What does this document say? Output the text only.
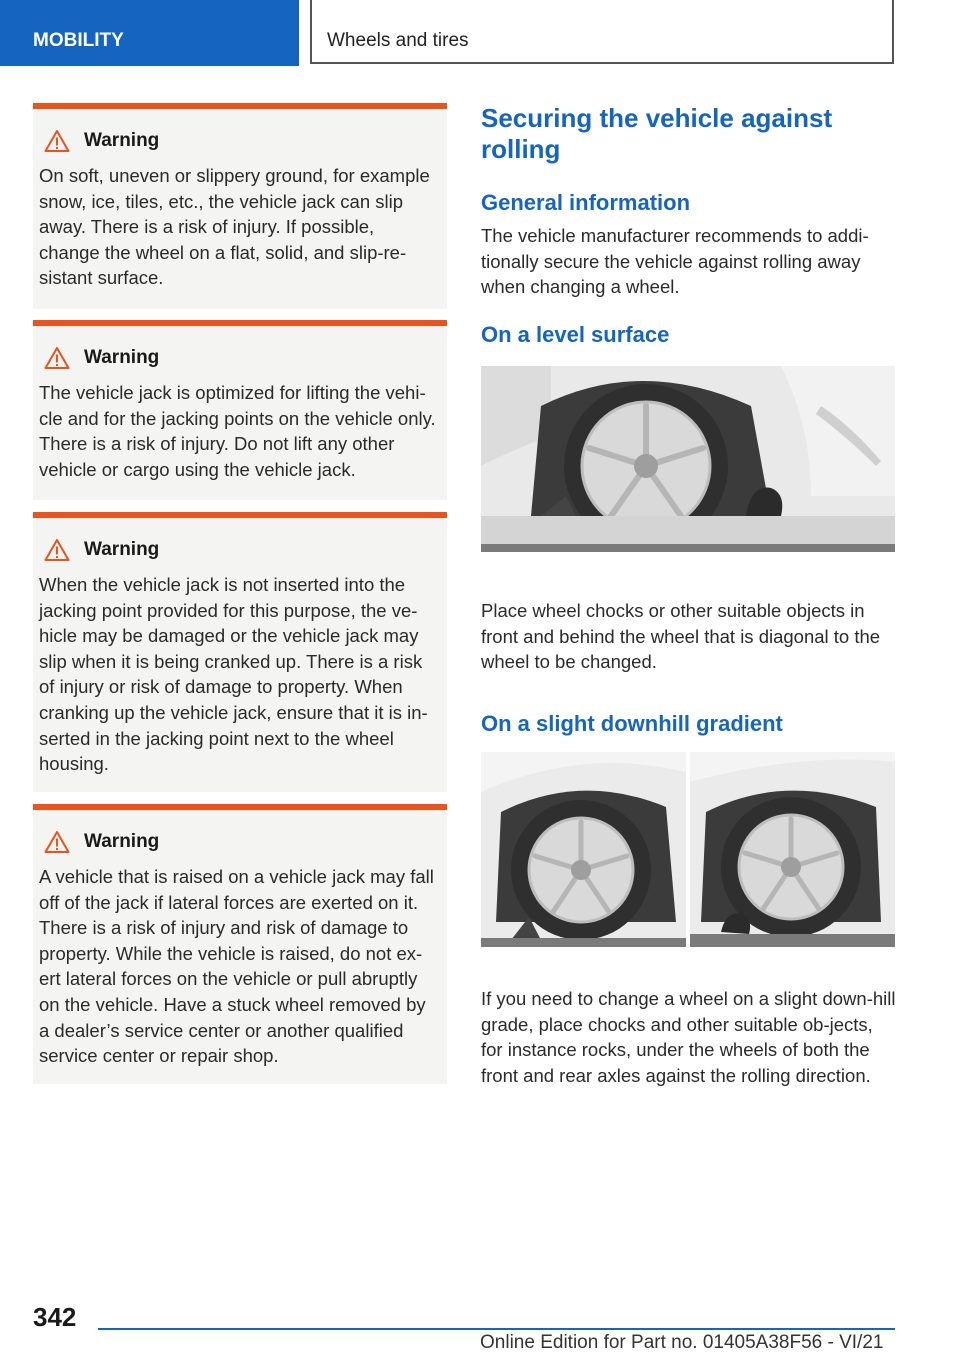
MOBILITY	Wheels and tires
Warning
On soft, uneven or slippery ground, for example snow, ice, tiles, etc., the vehicle jack can slip away. There is a risk of injury. If possible, change the wheel on a flat, solid, and slip-re-sistant surface.
Warning
The vehicle jack is optimized for lifting the vehi-cle and for the jacking points on the vehicle only. There is a risk of injury. Do not lift any other vehicle or cargo using the vehicle jack.
Warning
When the vehicle jack is not inserted into the jacking point provided for this purpose, the ve-hicle may be damaged or the vehicle jack may slip when it is being cranked up. There is a risk of injury or risk of damage to property. When cranking up the vehicle jack, ensure that it is in-serted in the jacking point next to the wheel housing.
Warning
A vehicle that is raised on a vehicle jack may fall off of the jack if lateral forces are exerted on it. There is a risk of injury and risk of damage to property. While the vehicle is raised, do not ex-ert lateral forces on the vehicle or pull abruptly on the vehicle. Have a stuck wheel removed by a dealer’s service center or another qualified service center or repair shop.
Securing the vehicle against rolling
General information

The vehicle manufacturer recommends to addi-tionally secure the vehicle against rolling away when changing a wheel.

On a level surface

Place wheel chocks or other suitable objects in front and behind the wheel that is diagonal to the wheel to be changed.

On a slight downhill gradient

If you need to change a wheel on a slight down-hill grade, place chocks and other suitable ob-jects, for instance rocks, under the wheels of both the front and rear axles against the rolling direction.

342
Online Edition for Part no. 01405A38F56 - VI/21
